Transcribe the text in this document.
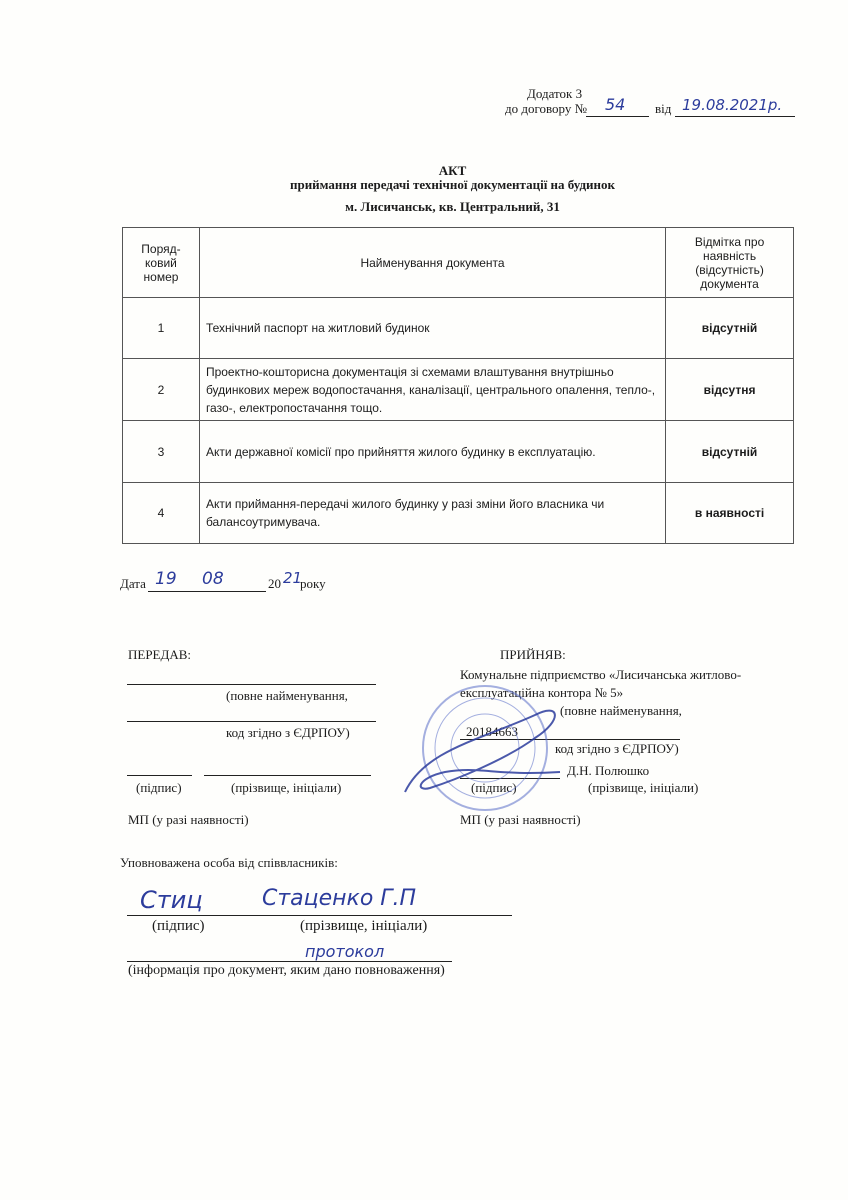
Додаток 3
до договору № 54 від 19.08.2021р.
АКТ
приймання передачі технічної документації на будинок
м. Лисичанськ, кв. Центральний, 31
Поряд-
ковий
номер	Найменування документа	Відмітка про наявність (відсутність) документа
1	Технічний паспорт на житловий будинок	відсутній
2	Проектно-кошторисна документація зі схемами влаштування внутрішньо будинкових мереж водопостачання, каналізації, центрального опалення, тепло-, газо-, електропостачання тощо.	відсутня
3	Акти державної комісії про прийняття жилого будинку в експлуатацію.	відсутній
4	Акти приймання-передачі жилого будинку у разі зміни його власника чи балансоутримувача.	в наявності
Дата 19 08	20 21
року
ПЕРЕДАВ:
(повне найменування,
код згідно з ЄДРПОУ)
(підпис)	(прізвище, ініціали)
МП (у разі наявності)
ПРИЙНЯВ:
Комунальне підприємство «Лисичанська житлово-
експлуатаційна контора № 5»
(повне найменування,
20184663
код згідно з ЄДРПОУ)
Д.Н. Полюшко
(підпис)	(прізвище, ініціали)
МП (у разі наявності)
Уповноважена особа від співвласників:
Стиц	Стаценко Г.П
(підпис)	(прізвище, ініціали)
протокол
(інформація про документ, яким дано повноваження)
